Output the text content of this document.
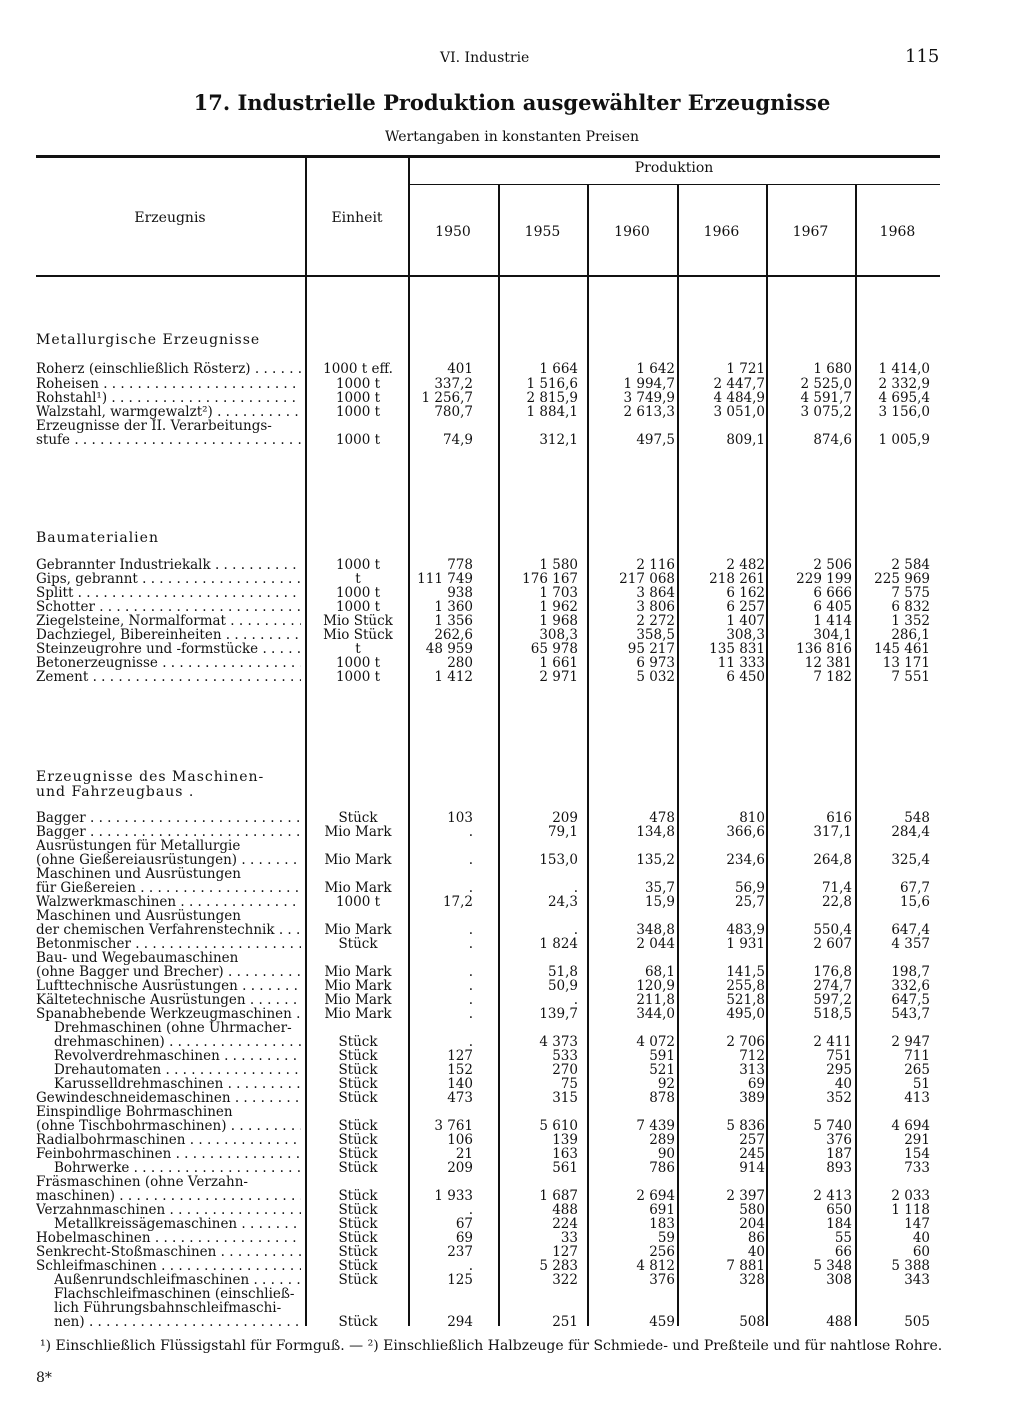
VI. Industrie	115
17. Industrielle Produktion ausgewählter Erzeugnisse
Wertangaben in konstanten Preisen
Erzeugnis	Einheit
Produktion
1950	1955	1960	1966	1967	1968
Metallurgische Erzeugnisse
Baumaterialien
Erzeugnisse des Maschinen-
und Fahrzeugbaus .
Roherz (einschließlich Rösterz) . . .	1000 t eff.	401	1 664	1 642	1 721	1 680	1 414,0
Roheisen . . .	1000 t	337,2	1 516,6	1 994,7	2 447,7	2 525,0	2 332,9
Rohstahl¹) . . .	1000 t	1 256,7	2 815,9	3 749,9	4 484,9	4 591,7	4 695,4
Walzstahl, warmgewalzt²) . . .	1000 t	780,7	1 884,1	2 613,3	3 051,0	3 075,2	3 156,0
Erzeugnisse der II. Verarbeitungs-
stufe . . .	1000 t	74,9	312,1	497,5	809,1	874,6	1 005,9
Gebrannter Industriekalk . . .	1000 t	778	1 580	2 116	2 482	2 506	2 584
Gips, gebrannt . . .	t	111 749	176 167	217 068	218 261	229 199	225 969
Splitt . . .	1000 t	938	1 703	3 864	6 162	6 666	7 575
Schotter . . .	1000 t	1 360	1 962	3 806	6 257	6 405	6 832
Ziegelsteine, Normalformat . . .	Mio Stück	1 356	1 968	2 272	1 407	1 414	1 352
Dachziegel, Bibereinheiten . . .	Mio Stück	262,6	308,3	358,5	308,3	304,1	286,1
Steinzeugrohre und -formstücke . . .	t	48 959	65 978	95 217	135 831	136 816	145 461
Betonerzeugnisse . . .	1000 t	280	1 661	6 973	11 333	12 381	13 171
Zement . . .	1000 t	1 412	2 971	5 032	6 450	7 182	7 551
Bagger . . .	Stück	103	209	478	810	616	548
Bagger . . .	Mio Mark	.	79,1	134,8	366,6	317,1	284,4
Ausrüstungen für Metallurgie
(ohne Gießereiausrüstungen) . . .	Mio Mark	.	153,0	135,2	234,6	264,8	325,4
Maschinen und Ausrüstungen
für Gießereien . . .	Mio Mark	.	.	35,7	56,9	71,4	67,7
Walzwerkmaschinen . . .	1000 t	17,2	24,3	15,9	25,7	22,8	15,6
Maschinen und Ausrüstungen
der chemischen Verfahrenstechnik . . .	Mio Mark	.	.	348,8	483,9	550,4	647,4
Betonmischer . . .	Stück	.	1 824	2 044	1 931	2 607	4 357
Bau- und Wegebaumaschinen
(ohne Bagger und Brecher) . . .	Mio Mark	.	51,8	68,1	141,5	176,8	198,7
Lufttechnische Ausrüstungen . . .	Mio Mark	.	50,9	120,9	255,8	274,7	332,6
Kältetechnische Ausrüstungen . . .	Mio Mark	.	.	211,8	521,8	597,2	647,5
Spanabhebende Werkzeugmaschinen . . .	Mio Mark	.	139,7	344,0	495,0	518,5	543,7
Drehmaschinen (ohne Uhrmacher-
drehmaschinen) . . .	Stück	.	4 373	4 072	2 706	2 411	2 947
Revolverdrehmaschinen . . .	Stück	127	533	591	712	751	711
Drehautomaten . . .	Stück	152	270	521	313	295	265
Karusselldrehmaschinen . . .	Stück	140	75	92	69	40	51
Gewindeschneidemaschinen . . .	Stück	473	315	878	389	352	413
Einspindlige Bohrmaschinen
(ohne Tischbohrmaschinen) . . .	Stück	3 761	5 610	7 439	5 836	5 740	4 694
Radialbohrmaschinen . . .	Stück	106	139	289	257	376	291
Feinbohrmaschinen . . .	Stück	21	163	90	245	187	154
Bohrwerke . . .	Stück	209	561	786	914	893	733
Fräsmaschinen (ohne Verzahn-
maschinen) . . .	Stück	1 933	1 687	2 694	2 397	2 413	2 033
Verzahnmaschinen . . .	Stück	.	488	691	580	650	1 118
Metallkreissägemaschinen . . .	Stück	67	224	183	204	184	147
Hobelmaschinen . . .	Stück	69	33	59	86	55	40
Senkrecht-Stoßmaschinen . . .	Stück	237	127	256	40	66	60
Schleifmaschinen . . .	Stück	.	5 283	4 812	7 881	5 348	5 388
Außenrundschleifmaschinen . . .	Stück	125	322	376	328	308	343
Flachschleifmaschinen (einschließ-
lich Führungsbahnschleifmaschi-
nen) . . .	Stück	294	251	459	508	488	505
¹) Einschließlich Flüssigstahl für Formguß. — ²) Einschließlich Halbzeuge für Schmiede- und Preßteile und für nahtlose Rohre.
8*
